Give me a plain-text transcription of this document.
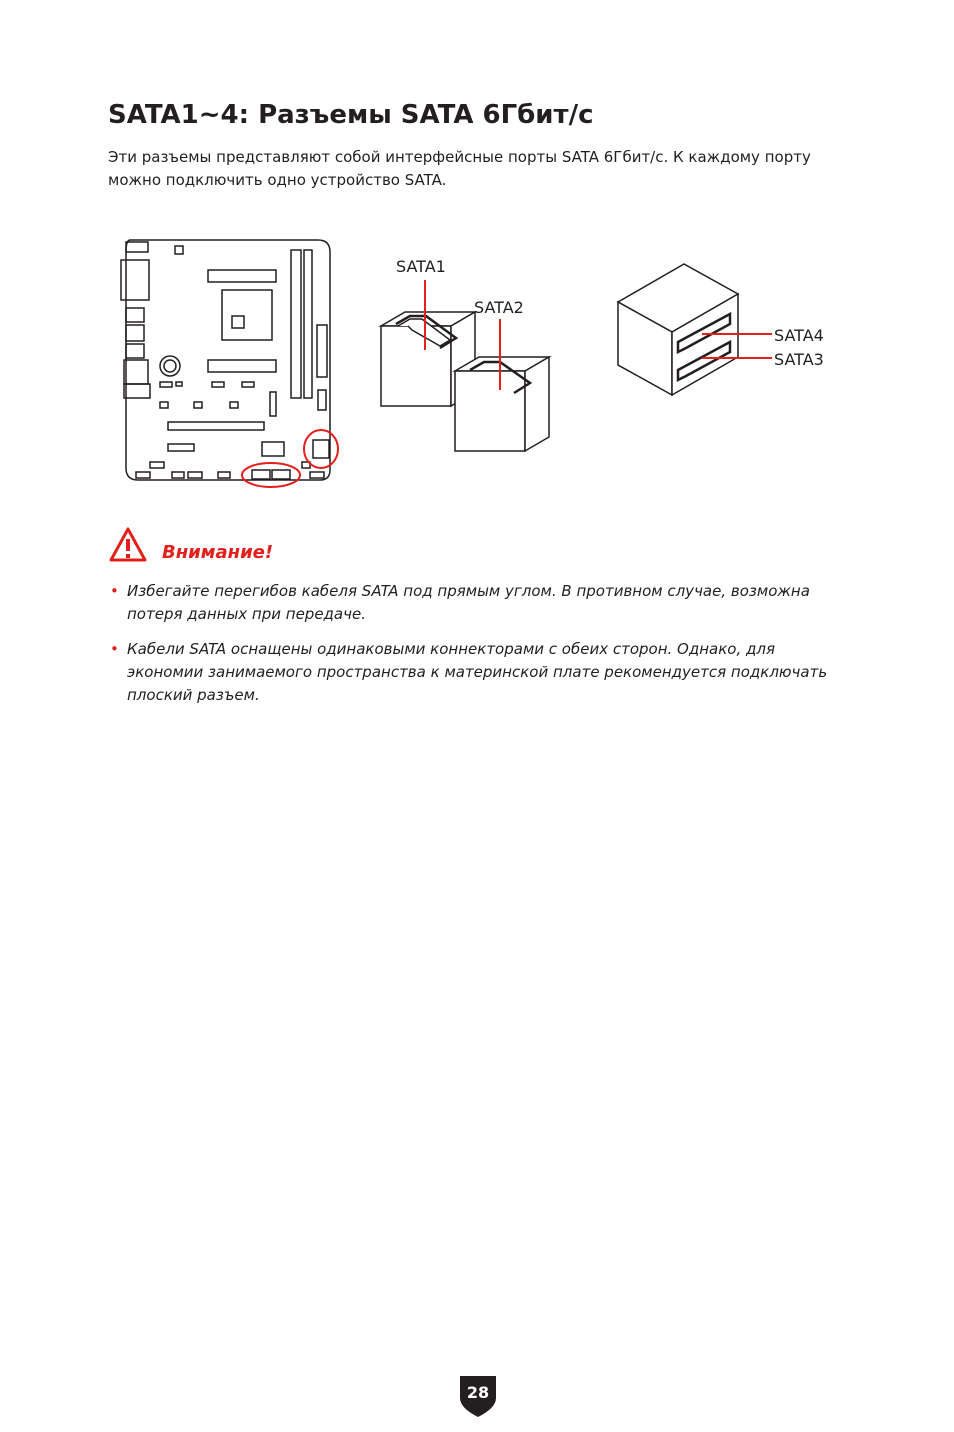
SATA1~4: Разъемы SATA 6Гбит/с

Эти разъемы представляют собой интерфейсные порты SATA 6Гбит/с. К каждому порту можно подключить одно устройство SATA.

SATA1
SATA2
SATA4
SATA3
Внимание!
• Избегайте перегибов кабеля SATA под прямым углом. В противном случае, возможна потеря данных при передаче.
• Кабели SATA оснащены одинаковыми коннекторами с обеих сторон. Однако, для экономии занимаемого пространства к материнской плате рекомендуется подключать плоский разъем.
28
